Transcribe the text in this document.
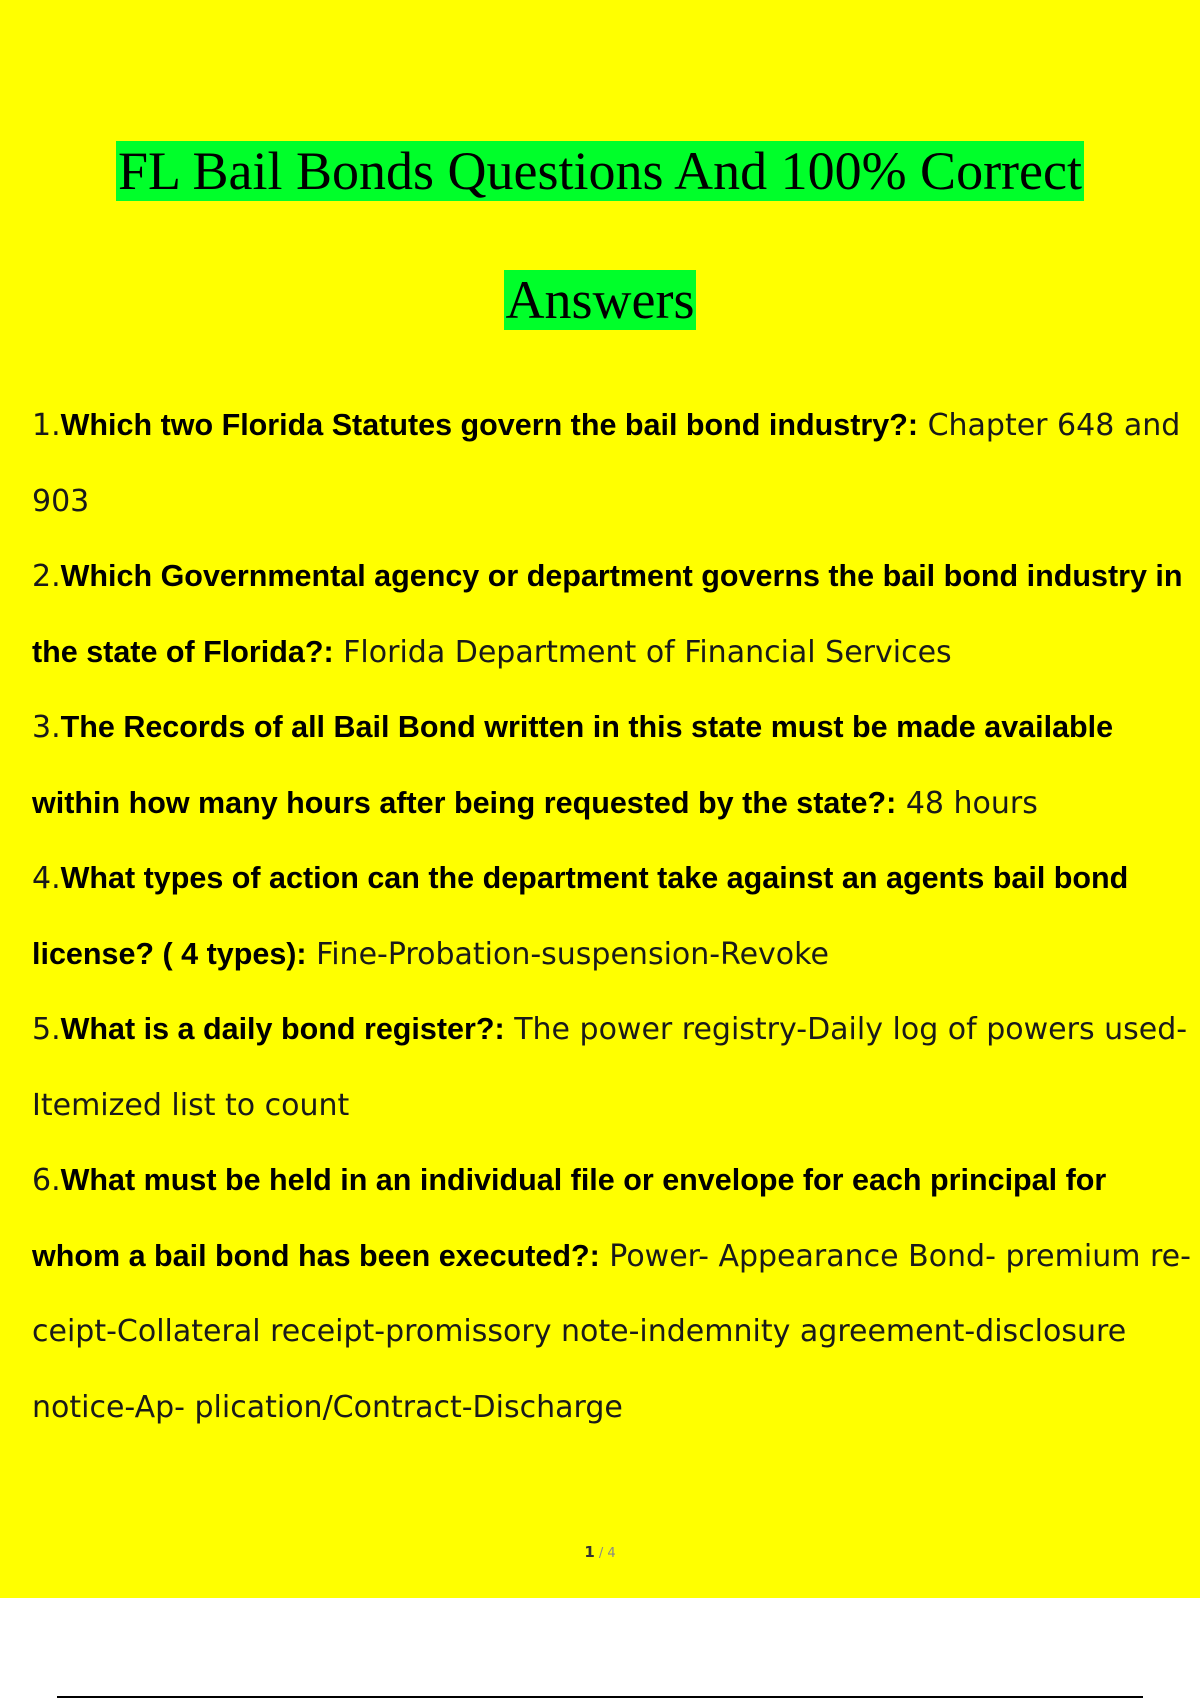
FL Bail Bonds Questions And 100% Correct
Answers

1.Which two Florida Statutes govern the bail bond industry?: Chapter 648 and 903

2.Which Governmental agency or department governs the bail bond industry in the state of Florida?: Florida Department of Financial Services

3.The Records of all Bail Bond written in this state must be made available within how many hours after being requested by the state?: 48 hours

4.What types of action can the department take against an agents bail bond license? ( 4 types): Fine-Probation-suspension-Revoke

5.What is a daily bond register?: The power registry-Daily log of powers used-Itemized list to count

6.What must be held in an individual file or envelope for each principal for whom a bail bond has been executed?: Power- Appearance Bond- premium re- ceipt-Collateral receipt-promissory note-indemnity agreement-disclosure notice-Ap- plication/Contract-Discharge

1 / 4
